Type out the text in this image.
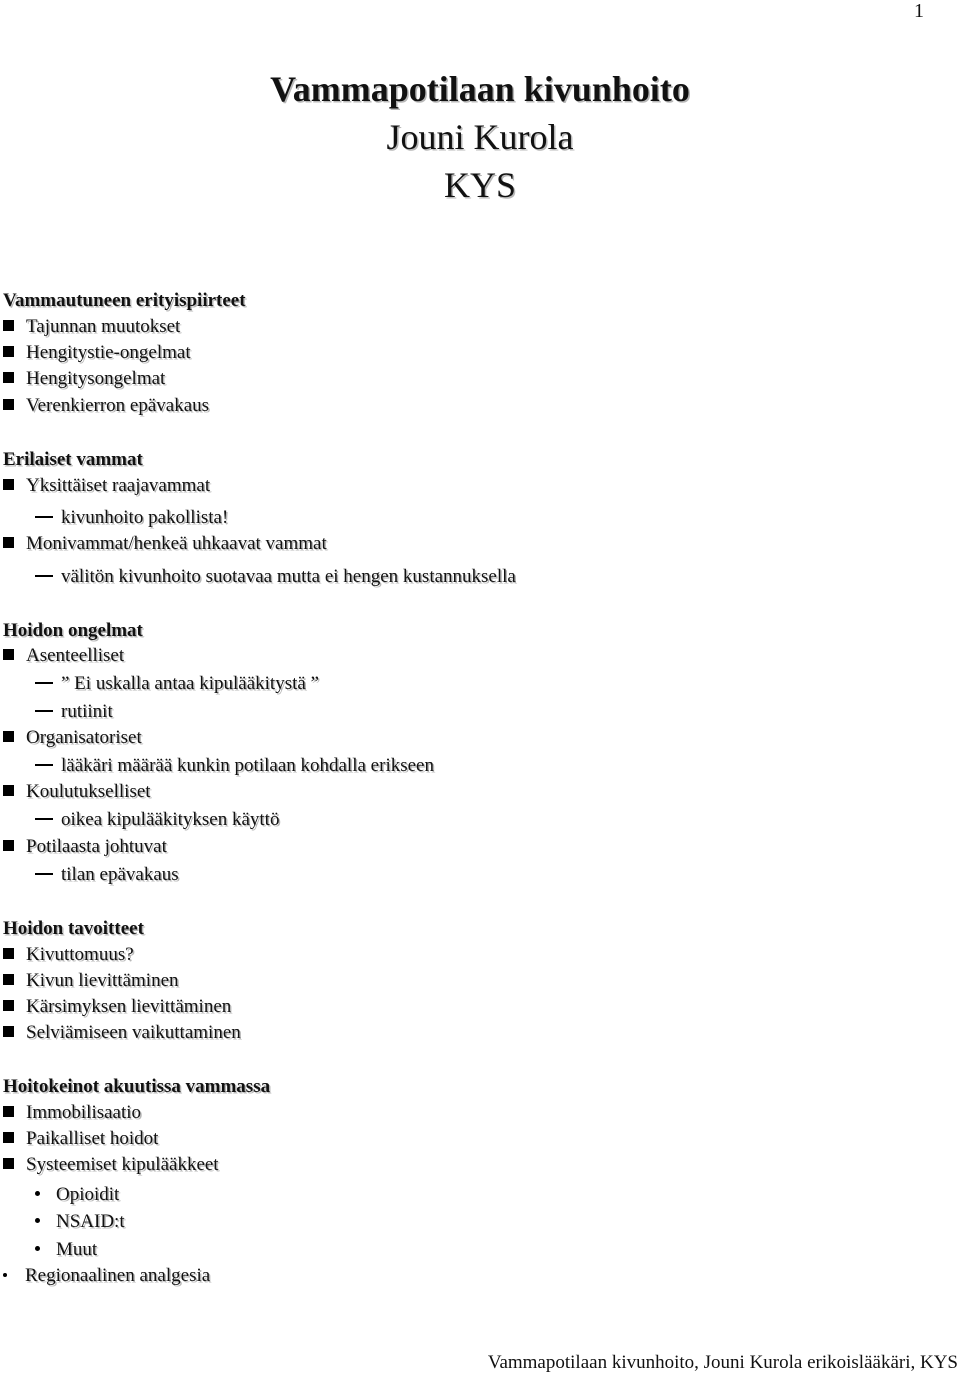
1
Vammapotilaan kivunhoito
Jouni Kurola
KYS
Vammautuneen erityispiirteet
Tajunnan muutokset
Hengitystie-ongelmat
Hengitysongelmat
Verenkierron epävakaus
Erilaiset vammat
Yksittäiset raajavammat
kivunhoito pakollista!
Monivammat/henkeä uhkaavat vammat
välitön kivunhoito suotavaa mutta ei hengen kustannuksella
Hoidon ongelmat
Asenteelliset
” Ei uskalla antaa kipulääkitystä ”
rutiinit
Organisatoriset
lääkäri määrää kunkin potilaan kohdalla erikseen
Koulutukselliset
oikea kipulääkityksen käyttö
Potilaasta johtuvat
tilan epävakaus
Hoidon tavoitteet
Kivuttomuus?
Kivun lievittäminen
Kärsimyksen lievittäminen
Selviämiseen vaikuttaminen
Hoitokeinot akuutissa vammassa
Immobilisaatio
Paikalliset hoidot
Systeemiset kipulääkkeet
Opioidit
NSAID:t
Muut
Regionaalinen analgesia
Vammapotilaan kivunhoito, Jouni Kurola erikoislääkäri, KYS
